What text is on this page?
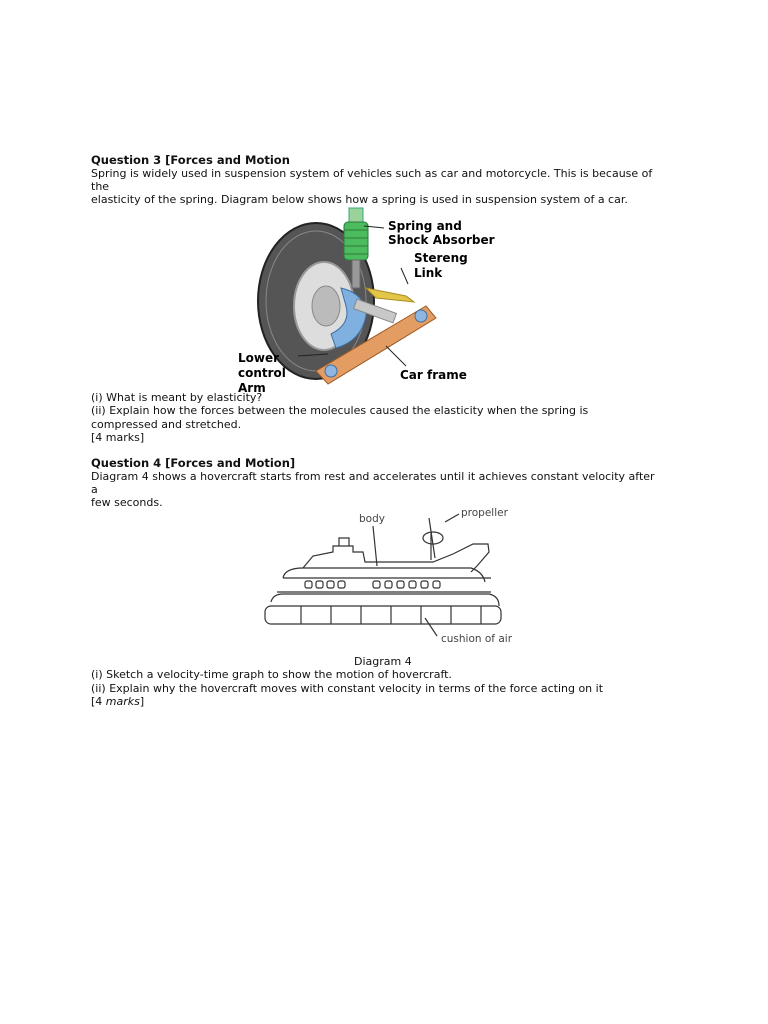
Question 3 [Forces and Motion
Spring is widely used in suspension system of vehicles such as car and motorcycle. This is because of
the
elasticity of the spring. Diagram below shows how a spring is used in suspension system of a car.
Spring and
Shock Absorber
Stereng
Link
Lower
control
Arm
Car frame
(i) What is meant by elasticity?
(ii) Explain how the forces between the molecules caused the elasticity when the spring is
compressed and stretched.
[4 marks]
Question 4 [Forces and Motion]
Diagram 4 shows a hovercraft starts from rest and accelerates until it achieves constant velocity after
a
few seconds.
body	propeller
cushion of air
Diagram 4
(i) Sketch a velocity-time graph to show the motion of hovercraft.
(ii) Explain why the hovercraft moves with constant velocity in terms of the force acting on it
[4 marks]
